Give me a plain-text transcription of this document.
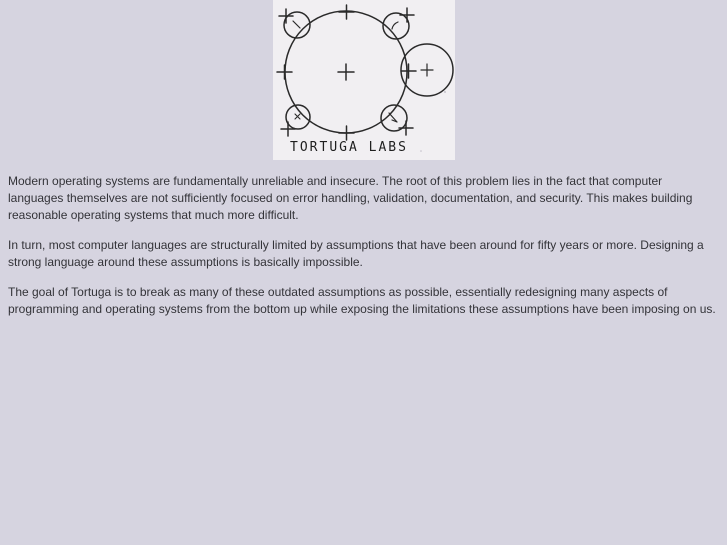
TORTUGA LABS

Modern operating systems are fundamentally unreliable and insecure. The root of this problem lies in the fact that computer languages themselves are not sufficiently focused on error handling, validation, documentation, and security. This makes building reasonable operating systems that much more difficult.

In turn, most computer languages are structurally limited by assumptions that have been around for fifty years or more. Designing a strong language around these assumptions is basically impossible.

The goal of Tortuga is to break as many of these outdated assumptions as possible, essentially redesigning many aspects of programming and operating systems from the bottom up while exposing the limitations these assumptions have been imposing on us.
